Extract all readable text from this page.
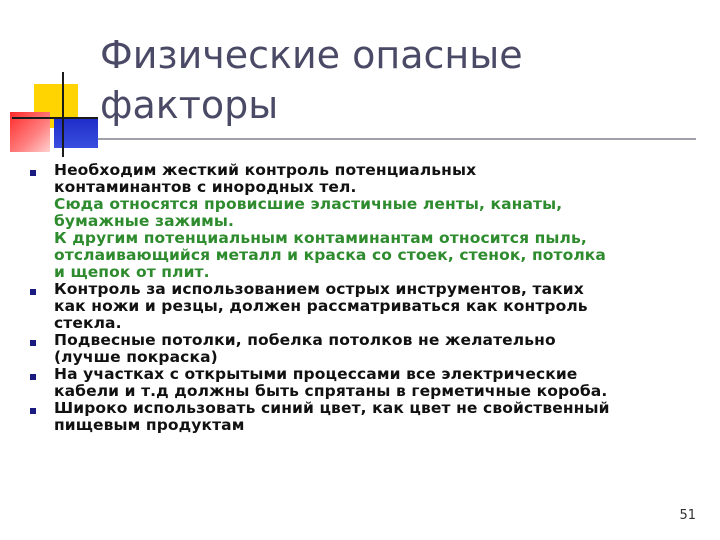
Физические опасные факторы
Необходим жесткий контроль потенциальных
контаминантов с инородных тел.
Сюда относятся провисшие эластичные ленты, канаты,
бумажные зажимы.
К другим потенциальным контаминантам относится пыль,
отслаивающийся металл и краска со стоек, стенок, потолка
и щепок от плит.
Контроль за использованием острых инструментов, таких
как ножи и резцы, должен рассматриваться как контроль
стекла.
Подвесные потолки, побелка потолков не желательно
(лучше покраска)
На участках с открытыми процессами все электрические
кабели и т.д должны быть спрятаны в герметичные короба.
Широко использовать синий цвет, как цвет не свойственный
пищевым продуктам
51
